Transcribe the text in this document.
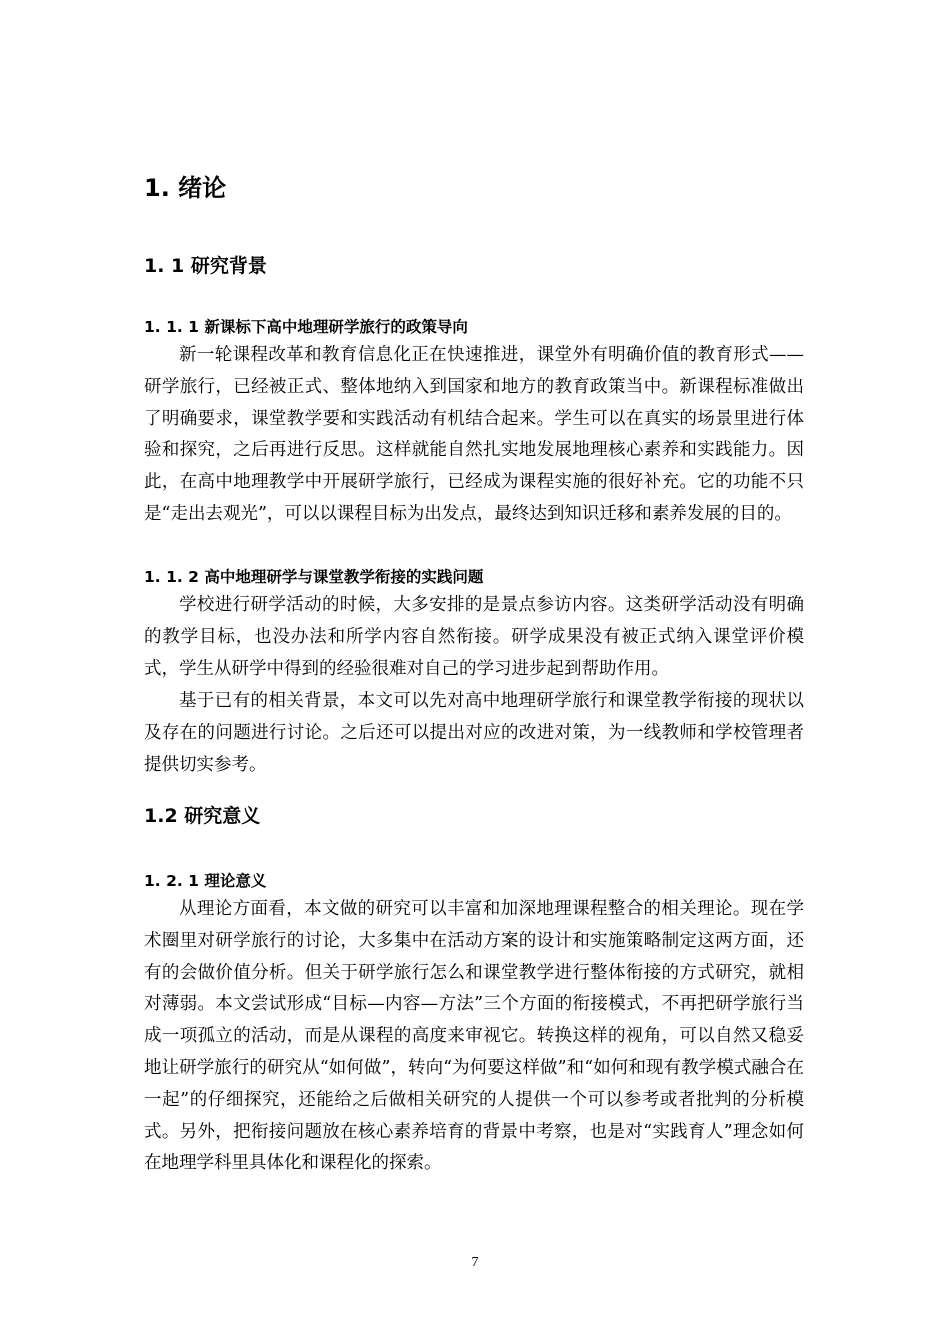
1. 绪论
1. 1 研究背景
1. 1. 1 新课标下高中地理研学旅行的政策导向

新一轮课程改革和教育信息化正在快速推进，课堂外有明确价值的教育形式——研学旅行，已经被正式、整体地纳入到国家和地方的教育政策当中。新课程标准做出了明确要求，课堂教学要和实践活动有机结合起来。学生可以在真实的场景里进行体验和探究，之后再进行反思。这样就能自然扎实地发展地理核心素养和实践能力。因此，在高中地理教学中开展研学旅行，已经成为课程实施的很好补充。它的功能不只是“走出去观光”，可以以课程目标为出发点，最终达到知识迁移和素养发展的目的。

1. 1. 2 高中地理研学与课堂教学衔接的实践问题

学校进行研学活动的时候，大多安排的是景点参访内容。这类研学活动没有明确的教学目标，也没办法和所学内容自然衔接。研学成果没有被正式纳入课堂评价模式，学生从研学中得到的经验很难对自己的学习进步起到帮助作用。

基于已有的相关背景，本文可以先对高中地理研学旅行和课堂教学衔接的现状以及存在的问题进行讨论。之后还可以提出对应的改进对策，为一线教师和学校管理者提供切实参考。

1.2 研究意义
1. 2. 1 理论意义

从理论方面看，本文做的研究可以丰富和加深地理课程整合的相关理论。现在学术圈里对研学旅行的讨论，大多集中在活动方案的设计和实施策略制定这两方面，还有的会做价值分析。但关于研学旅行怎么和课堂教学进行整体衔接的方式研究，就相对薄弱。本文尝试形成“目标—内容—方法”三个方面的衔接模式，不再把研学旅行当成一项孤立的活动，而是从课程的高度来审视它。转换这样的视角，可以自然又稳妥地让研学旅行的研究从“如何做”，转向“为何要这样做”和“如何和现有教学模式融合在一起”的仔细探究，还能给之后做相关研究的人提供一个可以参考或者批判的分析模式。另外，把衔接问题放在核心素养培育的背景中考察，也是对“实践育人”理念如何在地理学科里具体化和课程化的探索。

7
